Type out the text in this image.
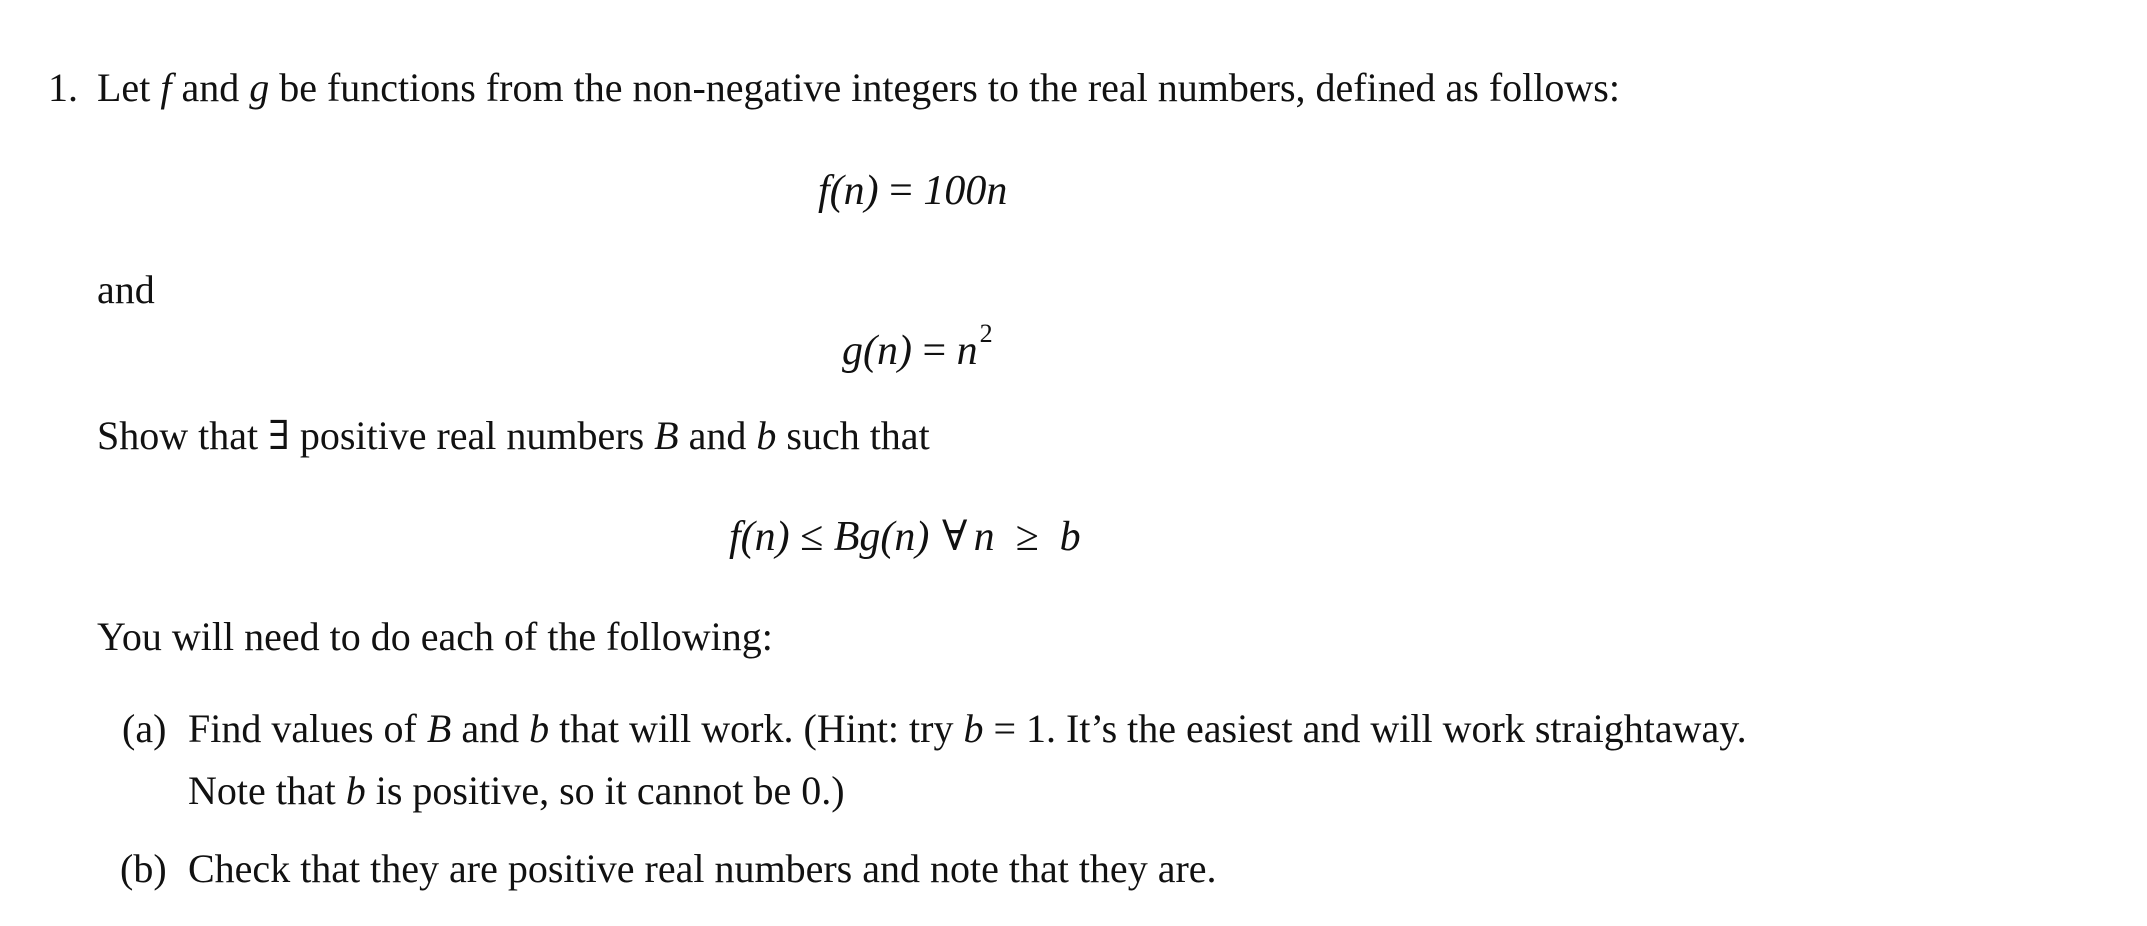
1. Let f and g be functions from the non-negative integers to the real numbers, defined as follows:
f(n) = 100n
and
$g(n) = n^2$
Show that ∃ positive real numbers B and b such that
f(n) ≤ Bg(n) ∀ n ≥ b
You will need to do each of the following:
(a) Find values of B and b that will work. (Hint: try b = 1. It’s the easiest and will work straightaway.
Note that b is positive, so it cannot be 0.)
(b) Check that they are positive real numbers and note that they are.
